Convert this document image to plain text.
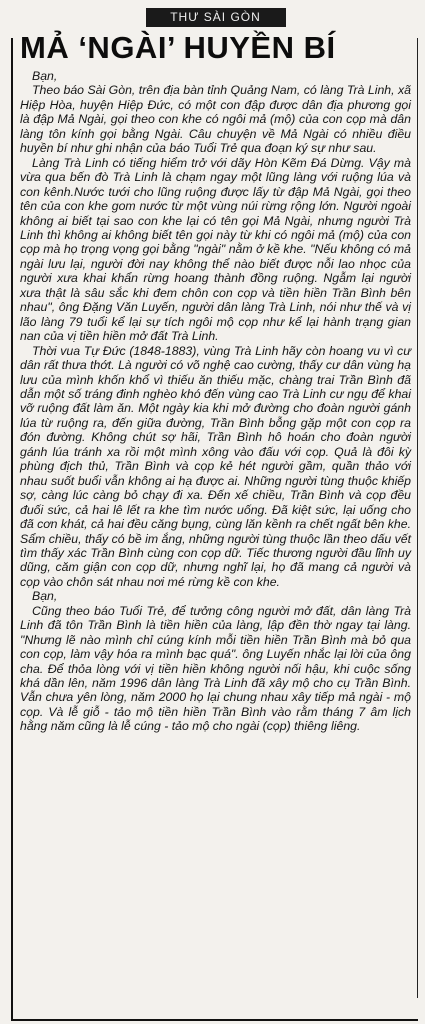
THƯ SÀI GÒN
MẢ ‘NGÀI’ HUYỀN BÍ

Bạn,

Theo báo Sài Gòn, trên địa bàn tỉnh Quảng Nam, có làng Trà Linh, xã Hiệp Hòa, huyện Hiệp Đức, có một con đập được dân địa phương gọi là đập Mả Ngài, gọi theo con khe có ngôi mả (mộ) của con cọp mà dân làng tôn kính gọi bằng Ngài. Câu chuyện về Mả Ngài có nhiều điều huyền bí như ghi nhận của báo Tuổi Trẻ qua đoạn ký sự như sau.

Làng Trà Linh có tiếng hiểm trở với dãy Hòn Kẽm Đá Dừng. Vậy mà vừa qua bến đò Trà Linh là chạm ngay một lũng làng với ruộng lúa và con kênh.Nước tưới cho lũng ruộng được lấy từ đập Mả Ngài, gọi theo tên của con khe gom nước từ một vùng núi rừng rộng lớn. Người ngoài không ai biết tại sao con khe lại có tên gọi Mả Ngài, nhưng người Trà Linh thì không ai không biết tên gọi này từ khi có ngôi mả (mộ) của con cọp mà họ trọng vọng gọi bằng "ngài" nằm ở kề khe. "Nếu không có mả ngài lưu lại, người đời nay không thể nào biết được nỗi lao nhọc của người xưa khai khẩn rừng hoang thành đồng ruộng. Ngẫm lại người xưa thật là sâu sắc khi đem chôn con cọp và tiền hiền Trần Bình bên nhau", ông Đặng Văn Luyến, người dân làng Trà Linh, nói như thế và vị lão làng 79 tuổi kể lại sự tích ngôi mộ cọp như kể lại hành trạng gian nan của vị tiền hiền mở đất Trà Linh.

Thời vua Tự Đức (1848-1883), vùng Trà Linh hãy còn hoang vu vì cư dân rất thưa thớt. Là người có võ nghệ cao cường, thấy cư dân vùng hạ lưu của mình khốn khổ vì thiếu ăn thiếu mặc, chàng trai Trần Bình đã dẫn một số tráng đinh nghèo khó đến vùng cao Trà Linh cư ngụ để khai vỡ ruộng đất làm ăn. Một ngày kia khi mở đường cho đoàn người gánh lúa từ ruộng ra, đến giữa đường, Trần Bình bỗng gặp một con cọp ra đón đường. Không chút sợ hãi, Trần Bình hô hoán cho đoàn người gánh lúa tránh xa rồi một mình xông vào đấu với cọp. Quả là đôi kỳ phùng địch thủ, Trần Bình và cọp kẻ hét người gầm, quần thảo với nhau suốt buổi vẫn không ai hạ được ai. Những người tùng thuộc khiếp sợ, càng lúc càng bỏ chạy đi xa. Đến xế chiều, Trần Bình và cọp đều đuối sức, cả hai lê lết ra khe tìm nước uống. Đã kiệt sức, lại uống cho đã cơn khát, cả hai đều căng bụng, cùng lăn kềnh ra chết ngất bên khe. Sẩm chiều, thấy có bề im ắng, những người tùng thuộc lần theo dấu vết tìm thấy xác Trần Bình cùng con cọp dữ. Tiếc thương người đầu lĩnh uy dũng, căm giận con cọp dữ, nhưng nghĩ lại, họ đã mang cả người và cọp vào chôn sát nhau nơi mé rừng kề con khe.

Bạn,

Cũng theo báo Tuổi Trẻ, để tưởng công người mở đất, dân làng Trà Linh đã tôn Trần Bình là tiền hiền của làng, lập đền thờ ngay tại làng. "Nhưng lẽ nào mình chỉ cúng kính mỗi tiền hiền Trần Bình mà bỏ qua con cọp, làm vậy hóa ra mình bạc quá". ông Luyến nhắc lại lời của ông cha. Để thỏa lòng với vị tiền hiền không người nối hậu, khi cuộc sống khá dần lên, năm 1996 dân làng Trà Linh đã xây mộ cho cụ Trần Bình. Vẫn chưa yên lòng, năm 2000 họ lại chung nhau xây tiếp mả ngài - mộ cọp. Và lễ giỗ - tảo mộ tiền hiền Trần Bình vào rằm tháng 7 âm lịch hằng năm cũng là lễ cúng - tảo mộ cho ngài (cọp) thiêng liêng.
